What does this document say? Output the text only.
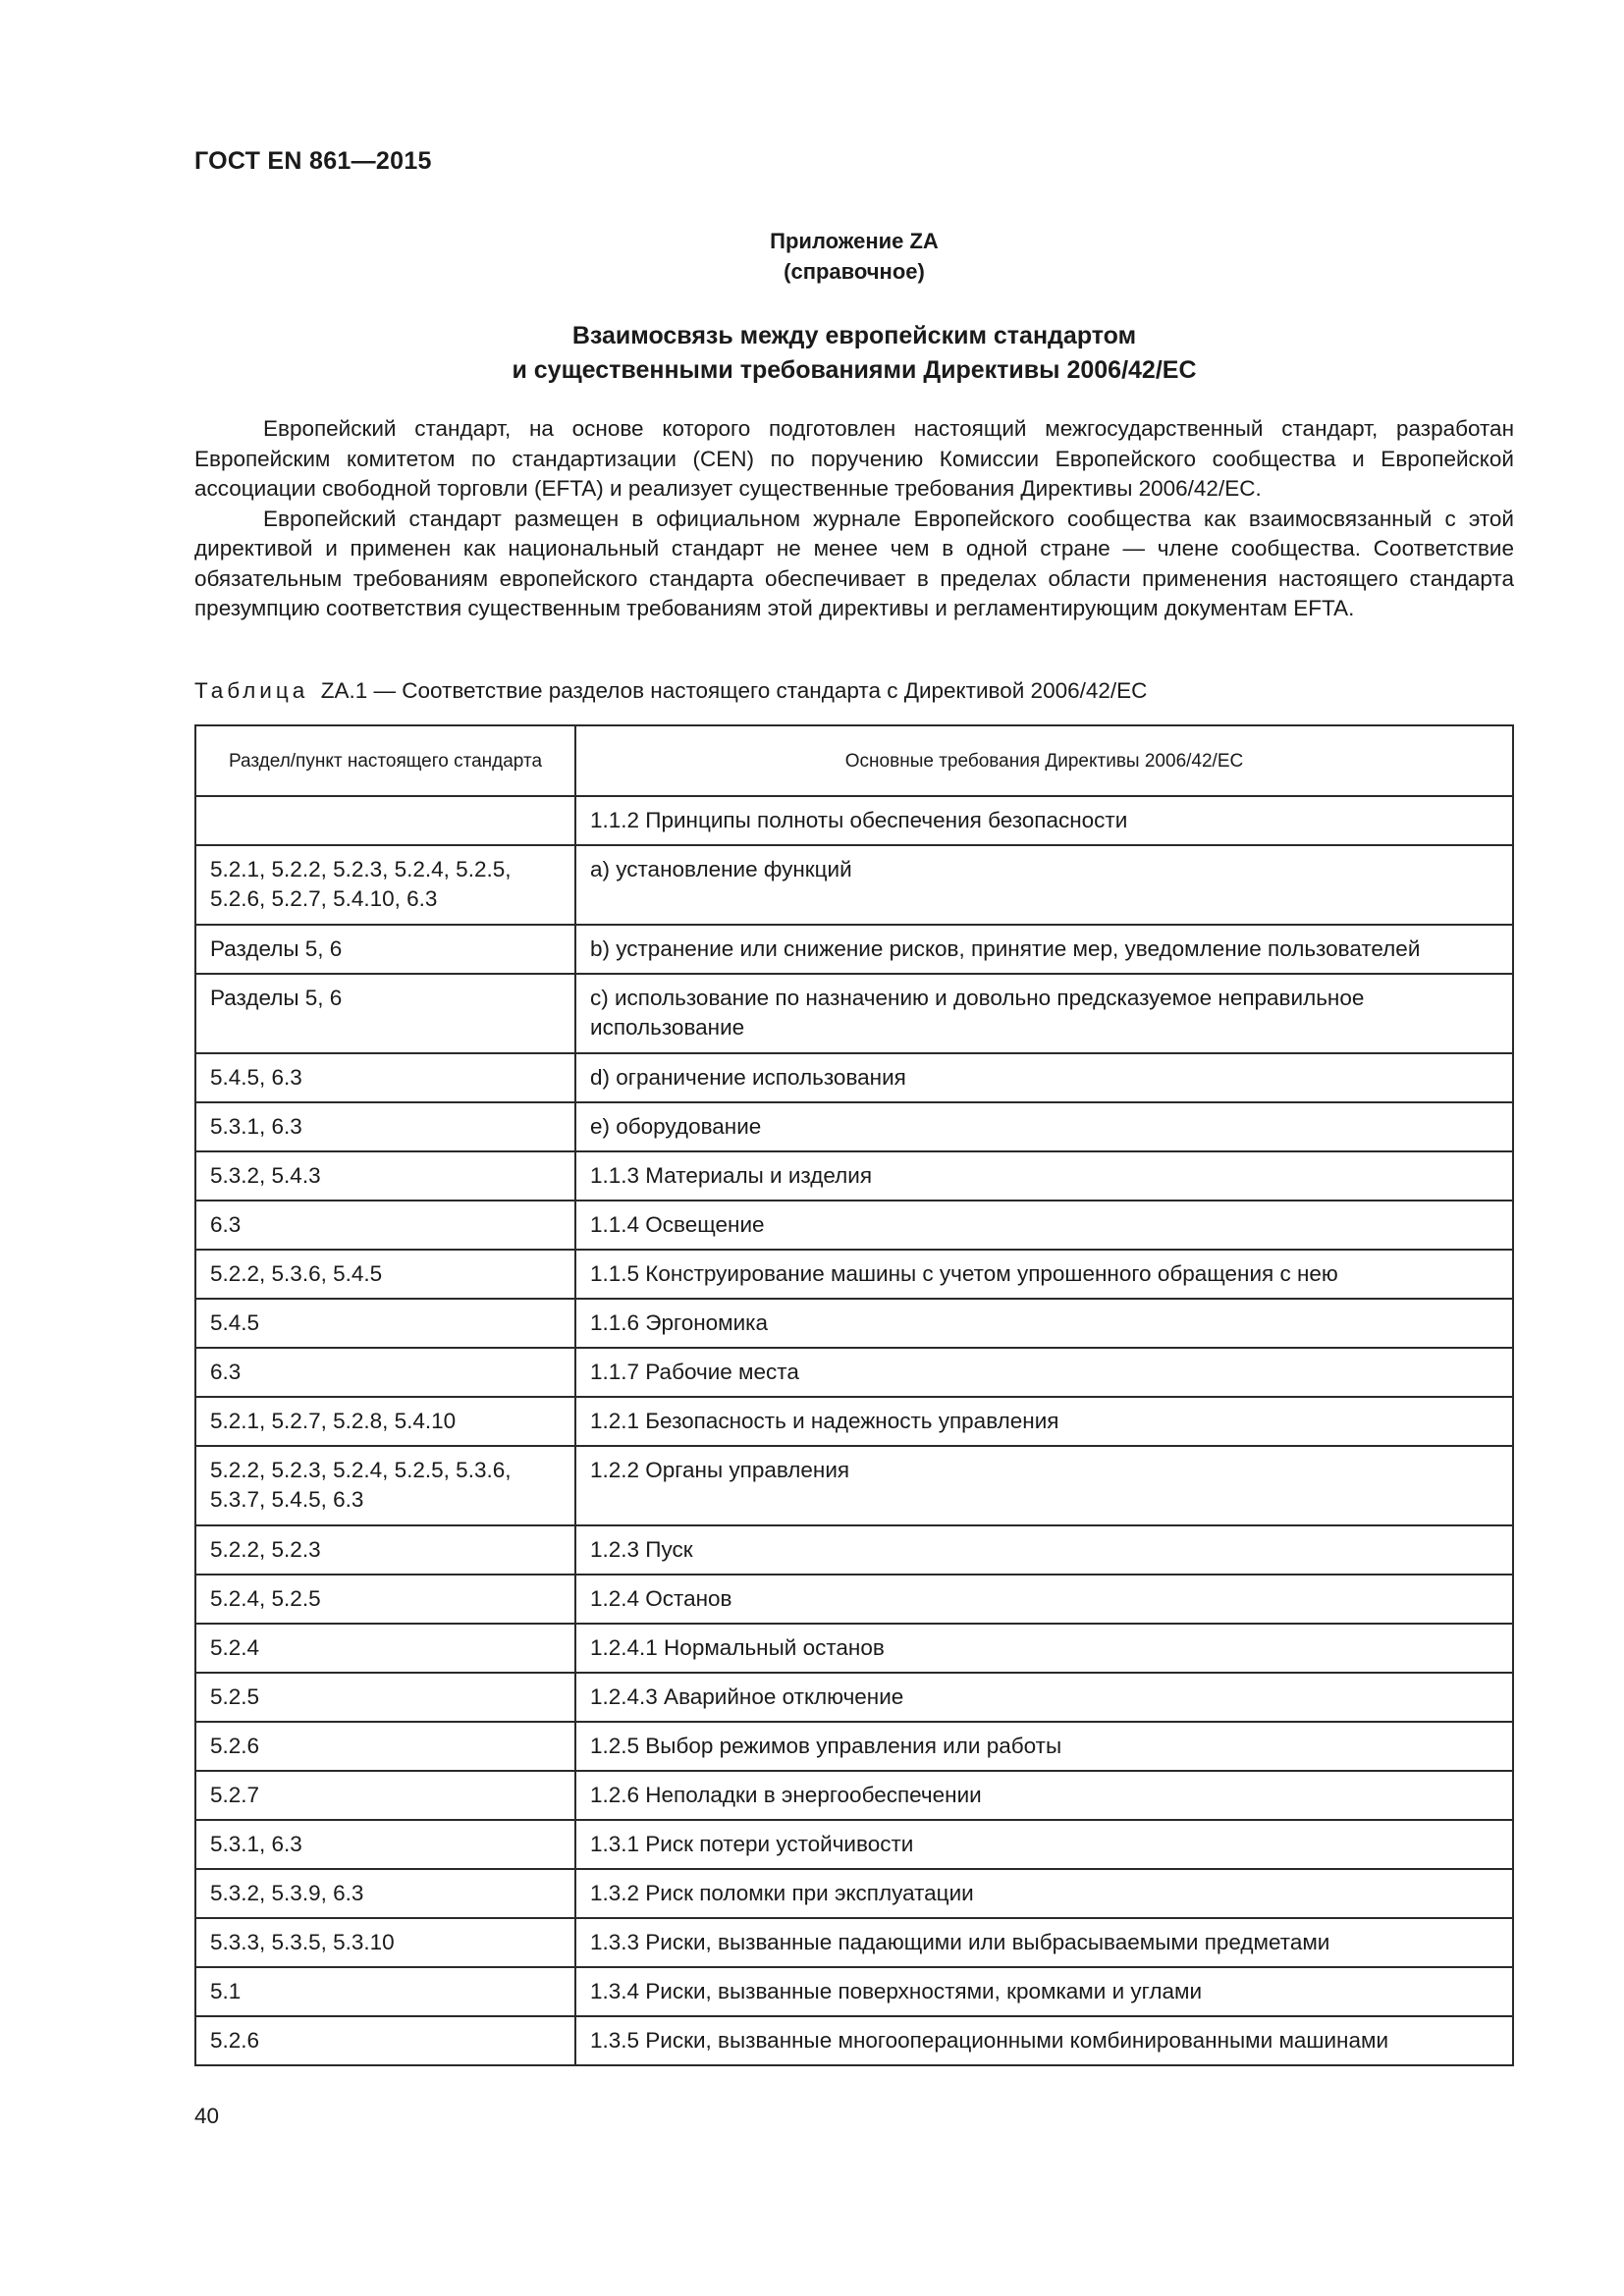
ГОСТ EN 861—2015
Приложение ZA
(справочное)
Взаимосвязь между европейским стандартом
и существенными требованиями Директивы 2006/42/EC

Европейский стандарт, на основе которого подготовлен настоящий межгосударственный стандарт, разработан Европейским комитетом по стандартизации (CEN) по поручению Комиссии Европейского сообщества и Европейской ассоциации свободной торговли (EFTA) и реализует существенные требования Директивы 2006/42/EC.

Европейский стандарт размещен в официальном журнале Европейского сообщества как взаимосвязанный с этой директивой и применен как национальный стандарт не менее чем в одной стране — члене сообщества. Соответствие обязательным требованиям европейского стандарта обеспечивает в пределах области применения настоящего стандарта презумпцию соответствия существенным требованиям этой директивы и регламентирующим документам EFTA.

Таблица ZA.1 — Соответствие разделов настоящего стандарта с Директивой 2006/42/EC
Раздел/пункт настоящего стандарта	Основные требования Директивы 2006/42/EC
	1.1.2 Принципы полноты обеспечения безопасности
5.2.1, 5.2.2, 5.2.3, 5.2.4, 5.2.5, 5.2.6, 5.2.7, 5.4.10, 6.3	a) установление функций
Разделы 5, 6	b) устранение или снижение рисков, принятие мер, уведомление пользователей
Разделы 5, 6	c) использование по назначению и довольно предсказуемое неправильное использование
5.4.5, 6.3	d) ограничение использования
5.3.1, 6.3	e) оборудование
5.3.2, 5.4.3	1.1.3 Материалы и изделия
6.3	1.1.4 Освещение
5.2.2, 5.3.6, 5.4.5	1.1.5 Конструирование машины с учетом упрошенного обращения с нею
5.4.5	1.1.6 Эргономика
6.3	1.1.7 Рабочие места
5.2.1, 5.2.7, 5.2.8, 5.4.10	1.2.1 Безопасность и надежность управления
5.2.2, 5.2.3, 5.2.4, 5.2.5, 5.3.6, 5.3.7, 5.4.5, 6.3	1.2.2 Органы управления
5.2.2, 5.2.3	1.2.3 Пуск
5.2.4, 5.2.5	1.2.4 Останов
5.2.4	1.2.4.1 Нормальный останов
5.2.5	1.2.4.3 Аварийное отключение
5.2.6	1.2.5 Выбор режимов управления или работы
5.2.7	1.2.6 Неполадки в энергообеспечении
5.3.1, 6.3	1.3.1 Риск потери устойчивости
5.3.2, 5.3.9, 6.3	1.3.2 Риск поломки при эксплуатации
5.3.3, 5.3.5, 5.3.10	1.3.3 Риски, вызванные падающими или выбрасываемыми предметами
5.1	1.3.4 Риски, вызванные поверхностями, кромками и углами
5.2.6	1.3.5 Риски, вызванные многооперационными комбинированными машинами
40
